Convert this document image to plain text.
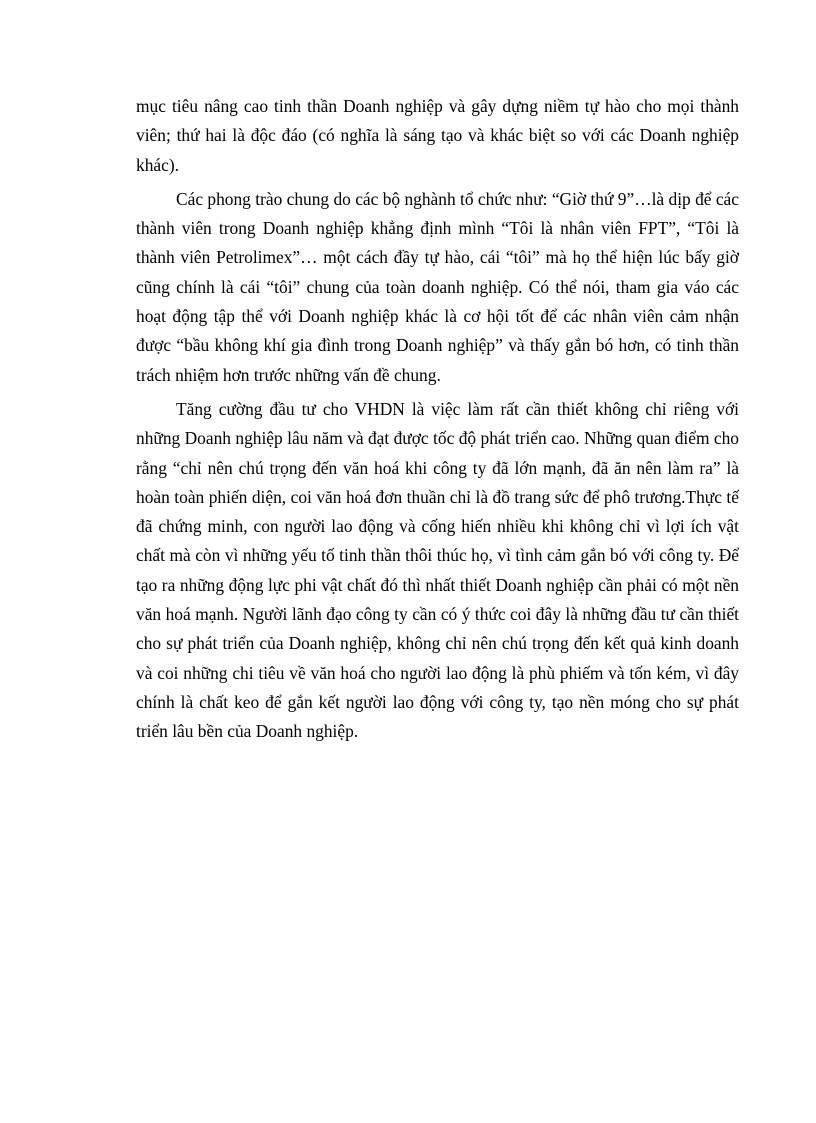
mục tiêu nâng cao tinh thần Doanh nghiệp và gây dựng niềm tự hào cho mọi thành viên; thứ hai là độc đáo (có nghĩa là sáng tạo và khác biệt so với các Doanh nghiệp khác).

Các phong trào chung do các bộ nghành tổ chức như: “Giờ thứ 9”…là dịp để các thành viên trong Doanh nghiệp khẳng định mình “Tôi là nhân viên FPT”, “Tôi là thành viên Petrolimex”… một cách đầy tự hào, cái “tôi” mà họ thể hiện lúc bấy giờ cũng chính là cái “tôi” chung của toàn doanh nghiệp. Có thể nói, tham gia váo các hoạt động tập thể với Doanh nghiệp khác là cơ hội tốt để các nhân viên cảm nhận được “bầu không khí gia đình trong Doanh nghiệp” và thấy gắn bó hơn, có tinh thần trách nhiệm hơn trước những vấn đề chung.

Tăng cường đầu tư cho VHDN là việc làm rất cần thiết không chỉ riêng với những Doanh nghiệp lâu năm và đạt được tốc độ phát triển cao. Những quan điểm cho rằng “chỉ nên chú trọng đến văn hoá khi công ty đã lớn mạnh, đã ăn nên làm ra” là hoàn toàn phiến diện, coi văn hoá đơn thuần chỉ là đồ trang sức để phô trương.Thực tế đã chứng minh, con người lao động và cống hiến nhiều khi không chỉ vì lợi ích vật chất mà còn vì những yếu tố tinh thần thôi thúc họ, vì tình cảm gắn bó với công ty. Để tạo ra những động lực phi vật chất đó thì nhất thiết Doanh nghiệp cần phải có một nền văn hoá mạnh. Người lãnh đạo công ty cần có ý thức coi đây là những đầu tư cần thiết cho sự phát triển của Doanh nghiệp, không chỉ nên chú trọng đến kết quả kinh doanh và coi những chi tiêu về văn hoá cho người lao động là phù phiếm và tốn kém, vì đây chính là chất keo để gắn kết người lao động với công ty, tạo nền móng cho sự phát triển lâu bền của Doanh nghiệp.
